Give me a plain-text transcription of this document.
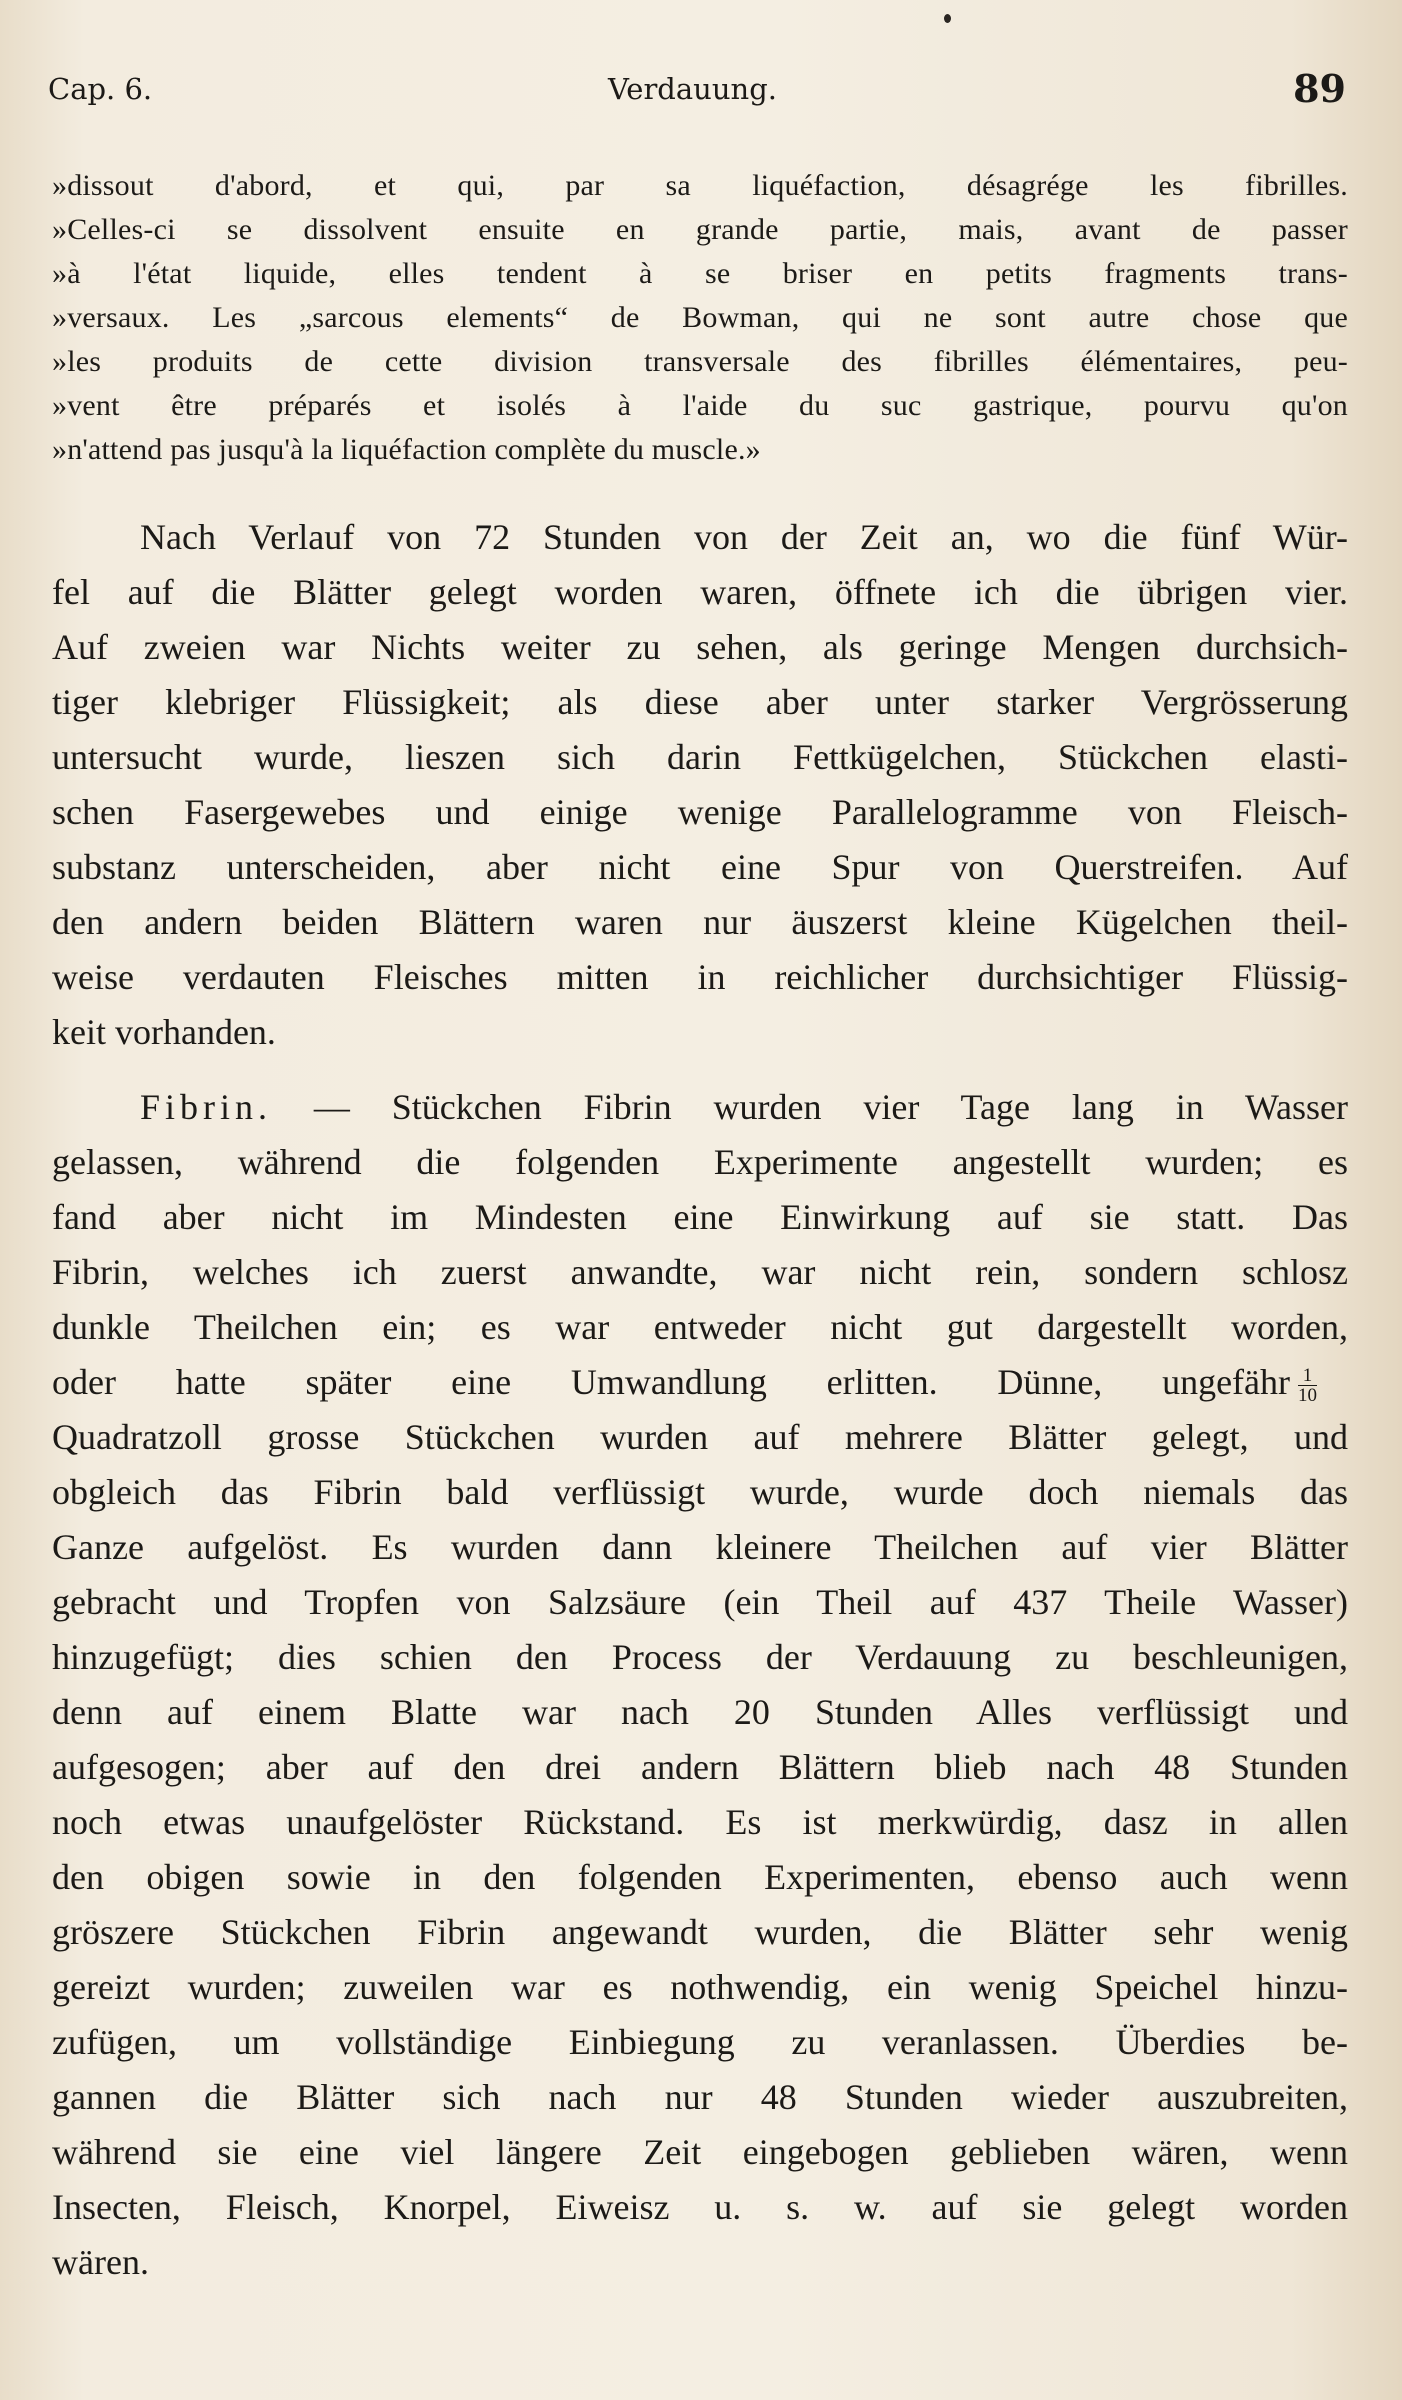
Cap. 6.	Verdauung.	89
»dissout d'abord, et qui, par sa liquéfaction, désagrége les fibrilles.
»Celles-ci se dissolvent ensuite en grande partie, mais, avant de passer
»à l'état liquide, elles tendent à se briser en petits fragments trans-
»versaux. Les „sarcous elements“ de Bowman, qui ne sont autre chose que
»les produits de cette division transversale des fibrilles élémentaires, peu-
»vent être préparés et isolés à l'aide du suc gastrique, pourvu qu'on
»n'attend pas jusqu'à la liquéfaction complète du muscle.»
Nach Verlauf von 72 Stunden von der Zeit an, wo die fünf Wür-
fel auf die Blätter gelegt worden waren, öffnete ich die übrigen vier.
Auf zweien war Nichts weiter zu sehen, als geringe Mengen durchsich-
tiger klebriger Flüssigkeit; als diese aber unter starker Vergrösserung
untersucht wurde, lieszen sich darin Fettkügelchen, Stückchen elasti-
schen Fasergewebes und einige wenige Parallelogramme von Fleisch-
substanz unterscheiden, aber nicht eine Spur von Querstreifen. Auf
den andern beiden Blättern waren nur äuszerst kleine Kügelchen theil-
weise verdauten Fleisches mitten in reichlicher durchsichtiger Flüssig-
keit vorhanden.
Fibrin. — Stückchen Fibrin wurden vier Tage lang in Wasser
gelassen, während die folgenden Experimente angestellt wurden; es
fand aber nicht im Mindesten eine Einwirkung auf sie statt. Das
Fibrin, welches ich zuerst anwandte, war nicht rein, sondern schlosz
dunkle Theilchen ein; es war entweder nicht gut dargestellt worden,
oder hatte später eine Umwandlung erlitten. Dünne, ungefähr $\frac{1}{10}$
Quadratzoll grosse Stückchen wurden auf mehrere Blätter gelegt, und
obgleich das Fibrin bald verflüssigt wurde, wurde doch niemals das
Ganze aufgelöst. Es wurden dann kleinere Theilchen auf vier Blätter
gebracht und Tropfen von Salzsäure (ein Theil auf 437 Theile Wasser)
hinzugefügt; dies schien den Process der Verdauung zu beschleunigen,
denn auf einem Blatte war nach 20 Stunden Alles verflüssigt und
aufgesogen; aber auf den drei andern Blättern blieb nach 48 Stunden
noch etwas unaufgelöster Rückstand. Es ist merkwürdig, dasz in allen
den obigen sowie in den folgenden Experimenten, ebenso auch wenn
gröszere Stückchen Fibrin angewandt wurden, die Blätter sehr wenig
gereizt wurden; zuweilen war es nothwendig, ein wenig Speichel hinzu-
zufügen, um vollständige Einbiegung zu veranlassen. Überdies be-
gannen die Blätter sich nach nur 48 Stunden wieder auszubreiten,
während sie eine viel längere Zeit eingebogen geblieben wären, wenn
Insecten, Fleisch, Knorpel, Eiweisz u. s. w. auf sie gelegt worden
wären.
